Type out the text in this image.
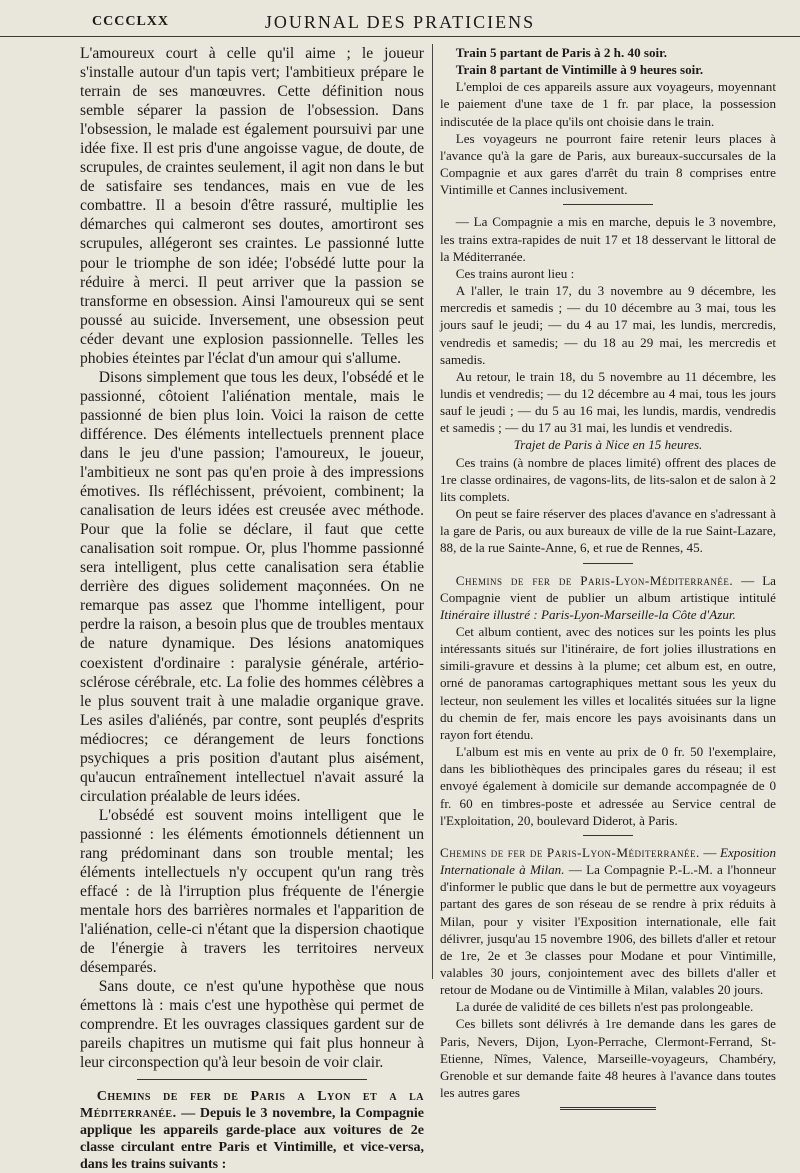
CCCCLXX	JOURNAL DES PRATICIENS

L'amoureux court à celle qu'il aime ; le joueur s'installe autour d'un tapis vert; l'ambitieux prépare le terrain de ses manœuvres. Cette définition nous semble séparer la passion de l'obsession. Dans l'obsession, le malade est également poursuivi par une idée fixe. Il est pris d'une angoisse vague, de doute, de scrupules, de craintes seulement, il agit non dans le but de satisfaire ses tendances, mais en vue de les combattre. Il a besoin d'être rassuré, multiplie les démarches qui calmeront ses doutes, amortiront ses scrupules, allégeront ses craintes. Le passionné lutte pour le triomphe de son idée; l'obsédé lutte pour la réduire à merci. Il peut arriver que la passion se transforme en obsession. Ainsi l'amoureux qui se sent poussé au suicide. Inversement, une obsession peut céder devant une explosion passionnelle. Telles les phobies éteintes par l'éclat d'un amour qui s'allume.

Disons simplement que tous les deux, l'obsédé et le passionné, côtoient l'aliénation mentale, mais le passionné de bien plus loin. Voici la raison de cette différence. Des éléments intellectuels prennent place dans le jeu d'une passion; l'amoureux, le joueur, l'ambitieux ne sont pas qu'en proie à des impressions émotives. Ils réfléchissent, prévoient, combinent; la canalisation de leurs idées est creusée avec méthode. Pour que la folie se déclare, il faut que cette canalisation soit rompue. Or, plus l'homme passionné sera intelligent, plus cette canalisation sera établie derrière des digues solidement maçonnées. On ne remarque pas assez que l'homme intelligent, pour perdre la raison, a besoin plus que de troubles mentaux de nature dynamique. Des lésions anatomiques coexistent d'ordinaire : paralysie générale, artério-sclérose cérébrale, etc. La folie des hommes célèbres a le plus souvent trait à une maladie organique grave. Les asiles d'aliénés, par contre, sont peuplés d'esprits médiocres; ce dérangement de leurs fonctions psychiques a pris position d'autant plus aisément, qu'aucun entraînement intellectuel n'avait assuré la circulation préalable de leurs idées.

L'obsédé est souvent moins intelligent que le passionné : les éléments émotionnels détiennent un rang prédominant dans son trouble mental; les éléments intellectuels n'y occupent qu'un rang très effacé : de là l'irruption plus fréquente de l'énergie mentale hors des barrières normales et l'apparition de l'aliénation, celle-ci n'étant que la dispersion chaotique de l'énergie à travers les territoires nerveux désemparés.

Sans doute, ce n'est qu'une hypothèse que nous émettons là : mais c'est une hypothèse qui permet de comprendre. Et les ouvrages classiques gardent sur de pareils chapitres un mutisme qui fait plus honneur à leur circonspection qu'à leur besoin de voir clair.

Chemins de fer de Paris a Lyon et a la Méditerranée. — Depuis le 3 novembre, la Compagnie applique les appareils garde-place aux voitures de 2e classe circulant entre Paris et Vintimille, et vice-versa, dans les trains suivants :

Train 5 partant de Paris à 2 h. 40 soir.

Train 8 partant de Vintimille à 9 heures soir.

L'emploi de ces appareils assure aux voyageurs, moyennant le paiement d'une taxe de 1 fr. par place, la possession indiscutée de la place qu'ils ont choisie dans le train.

Les voyageurs ne pourront faire retenir leurs places à l'avance qu'à la gare de Paris, aux bureaux-succursales de la Compagnie et aux gares d'arrêt du train 8 comprises entre Vintimille et Cannes inclusivement.

— La Compagnie a mis en marche, depuis le 3 novembre, les trains extra-rapides de nuit 17 et 18 desservant le littoral de la Méditerranée.

Ces trains auront lieu :

A l'aller, le train 17, du 3 novembre au 9 décembre, les mercredis et samedis ; — du 10 décembre au 3 mai, tous les jours sauf le jeudi; — du 4 au 17 mai, les lundis, mercredis, vendredis et samedis; — du 18 au 29 mai, les mercredis et samedis.

Au retour, le train 18, du 5 novembre au 11 décembre, les lundis et vendredis; — du 12 décembre au 4 mai, tous les jours sauf le jeudi ; — du 5 au 16 mai, les lundis, mardis, vendredis et samedis ; — du 17 au 31 mai, les lundis et vendredis.

Trajet de Paris à Nice en 15 heures.

Ces trains (à nombre de places limité) offrent des places de 1re classe ordinaires, de vagons-lits, de lits-salon et de salon à 2 lits complets.

On peut se faire réserver des places d'avance en s'adressant à la gare de Paris, ou aux bureaux de ville de la rue Saint-Lazare, 88, de la rue Sainte-Anne, 6, et rue de Rennes, 45.

Chemins de fer de Paris-Lyon-Méditerranée. — La Compagnie vient de publier un album artistique intitulé Itinéraire illustré : Paris-Lyon-Marseille-la Côte d'Azur.

Cet album contient, avec des notices sur les points les plus intéressants situés sur l'itinéraire, de fort jolies illustrations en simili-gravure et dessins à la plume; cet album est, en outre, orné de panoramas cartographiques mettant sous les yeux du lecteur, non seulement les villes et localités situées sur la ligne du chemin de fer, mais encore les pays avoisinants dans un rayon fort étendu.

L'album est mis en vente au prix de 0 fr. 50 l'exemplaire, dans les bibliothèques des principales gares du réseau; il est envoyé également à domicile sur demande accompagnée de 0 fr. 60 en timbres-poste et adressée au Service central de l'Exploitation, 20, boulevard Diderot, à Paris.

Chemins de fer de Paris-Lyon-Méditerranée. — Exposition Internationale à Milan. — La Compagnie P.-L.-M. a l'honneur d'informer le public que dans le but de permettre aux voyageurs partant des gares de son réseau de se rendre à prix réduits à Milan, pour y visiter l'Exposition internationale, elle fait délivrer, jusqu'au 15 novembre 1906, des billets d'aller et retour de 1re, 2e et 3e classes pour Modane et pour Vintimille, valables 30 jours, conjointement avec des billets d'aller et retour de Modane ou de Vintimille à Milan, valables 20 jours.

La durée de validité de ces billets n'est pas prolongeable.

Ces billets sont délivrés à 1re demande dans les gares de Paris, Nevers, Dijon, Lyon-Perrache, Clermont-Ferrand, St-Etienne, Nîmes, Valence, Marseille-voyageurs, Chambéry, Grenoble et sur demande faite 48 heures à l'avance dans toutes les autres gares
